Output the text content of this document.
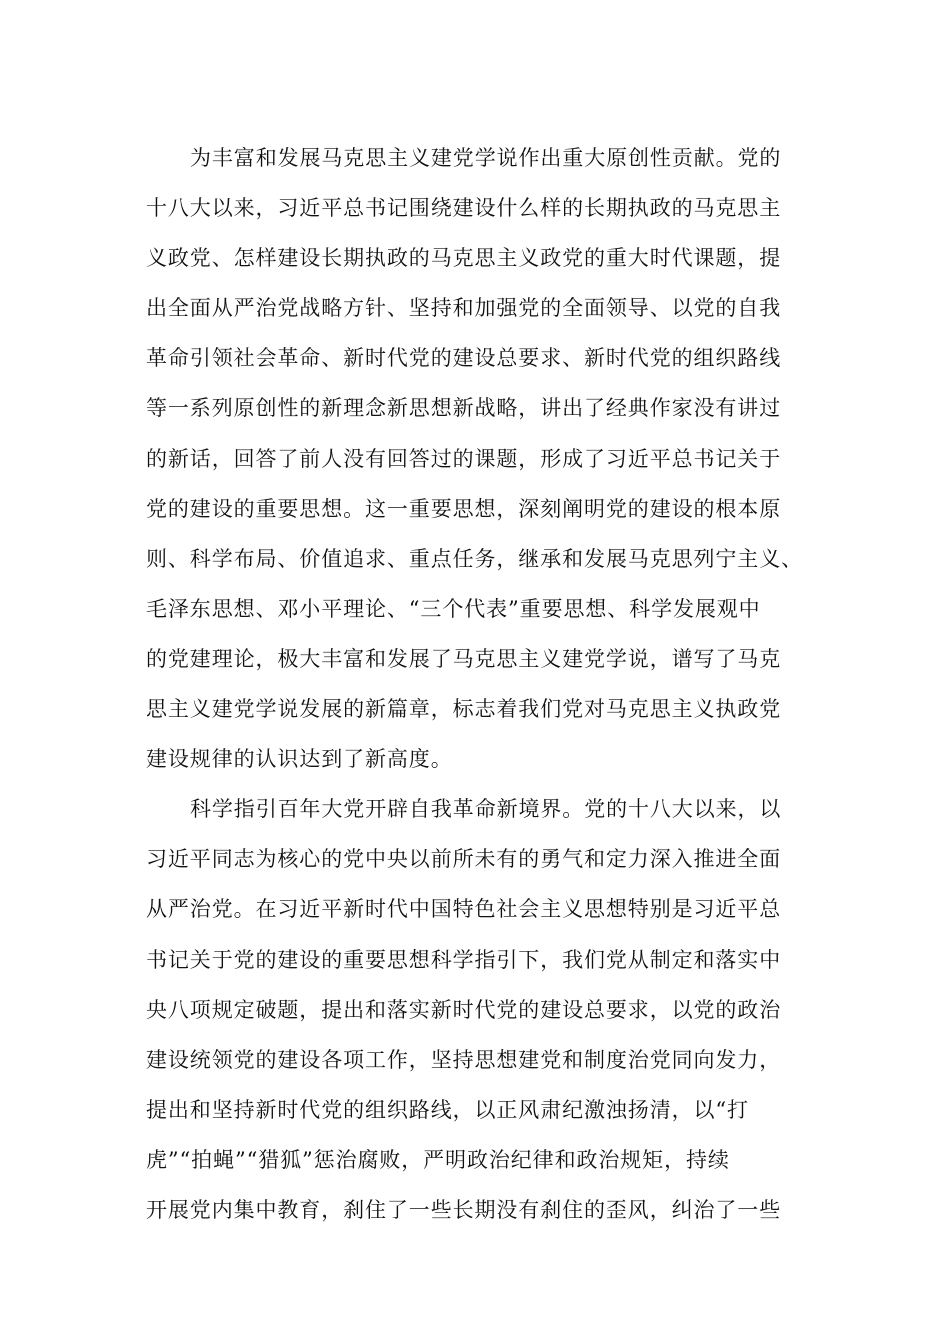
为丰富和发展马克思主义建党学说作出重大原创性贡献。党的
十八大以来，习近平总书记围绕建设什么样的长期执政的马克思主
义政党、怎样建设长期执政的马克思主义政党的重大时代课题，提
出全面从严治党战略方针、坚持和加强党的全面领导、以党的自我
革命引领社会革命、新时代党的建设总要求、新时代党的组织路线
等一系列原创性的新理念新思想新战略，讲出了经典作家没有讲过
的新话，回答了前人没有回答过的课题，形成了习近平总书记关于
党的建设的重要思想。这一重要思想，深刻阐明党的建设的根本原
则、科学布局、价值追求、重点任务，继承和发展马克思列宁主义、
毛泽东思想、邓小平理论、“三个代表”重要思想、科学发展观中
的党建理论，极大丰富和发展了马克思主义建党学说，谱写了马克
思主义建党学说发展的新篇章，标志着我们党对马克思主义执政党
建设规律的认识达到了新高度。
科学指引百年大党开辟自我革命新境界。党的十八大以来，以
习近平同志为核心的党中央以前所未有的勇气和定力深入推进全面
从严治党。在习近平新时代中国特色社会主义思想特别是习近平总
书记关于党的建设的重要思想科学指引下，我们党从制定和落实中
央八项规定破题，提出和落实新时代党的建设总要求，以党的政治
建设统领党的建设各项工作，坚持思想建党和制度治党同向发力，
提出和坚持新时代党的组织路线，以正风肃纪激浊扬清，以“打
虎”“拍蝇”“猎狐”惩治腐败，严明政治纪律和政治规矩，持续
开展党内集中教育，刹住了一些长期没有刹住的歪风，纠治了一些
